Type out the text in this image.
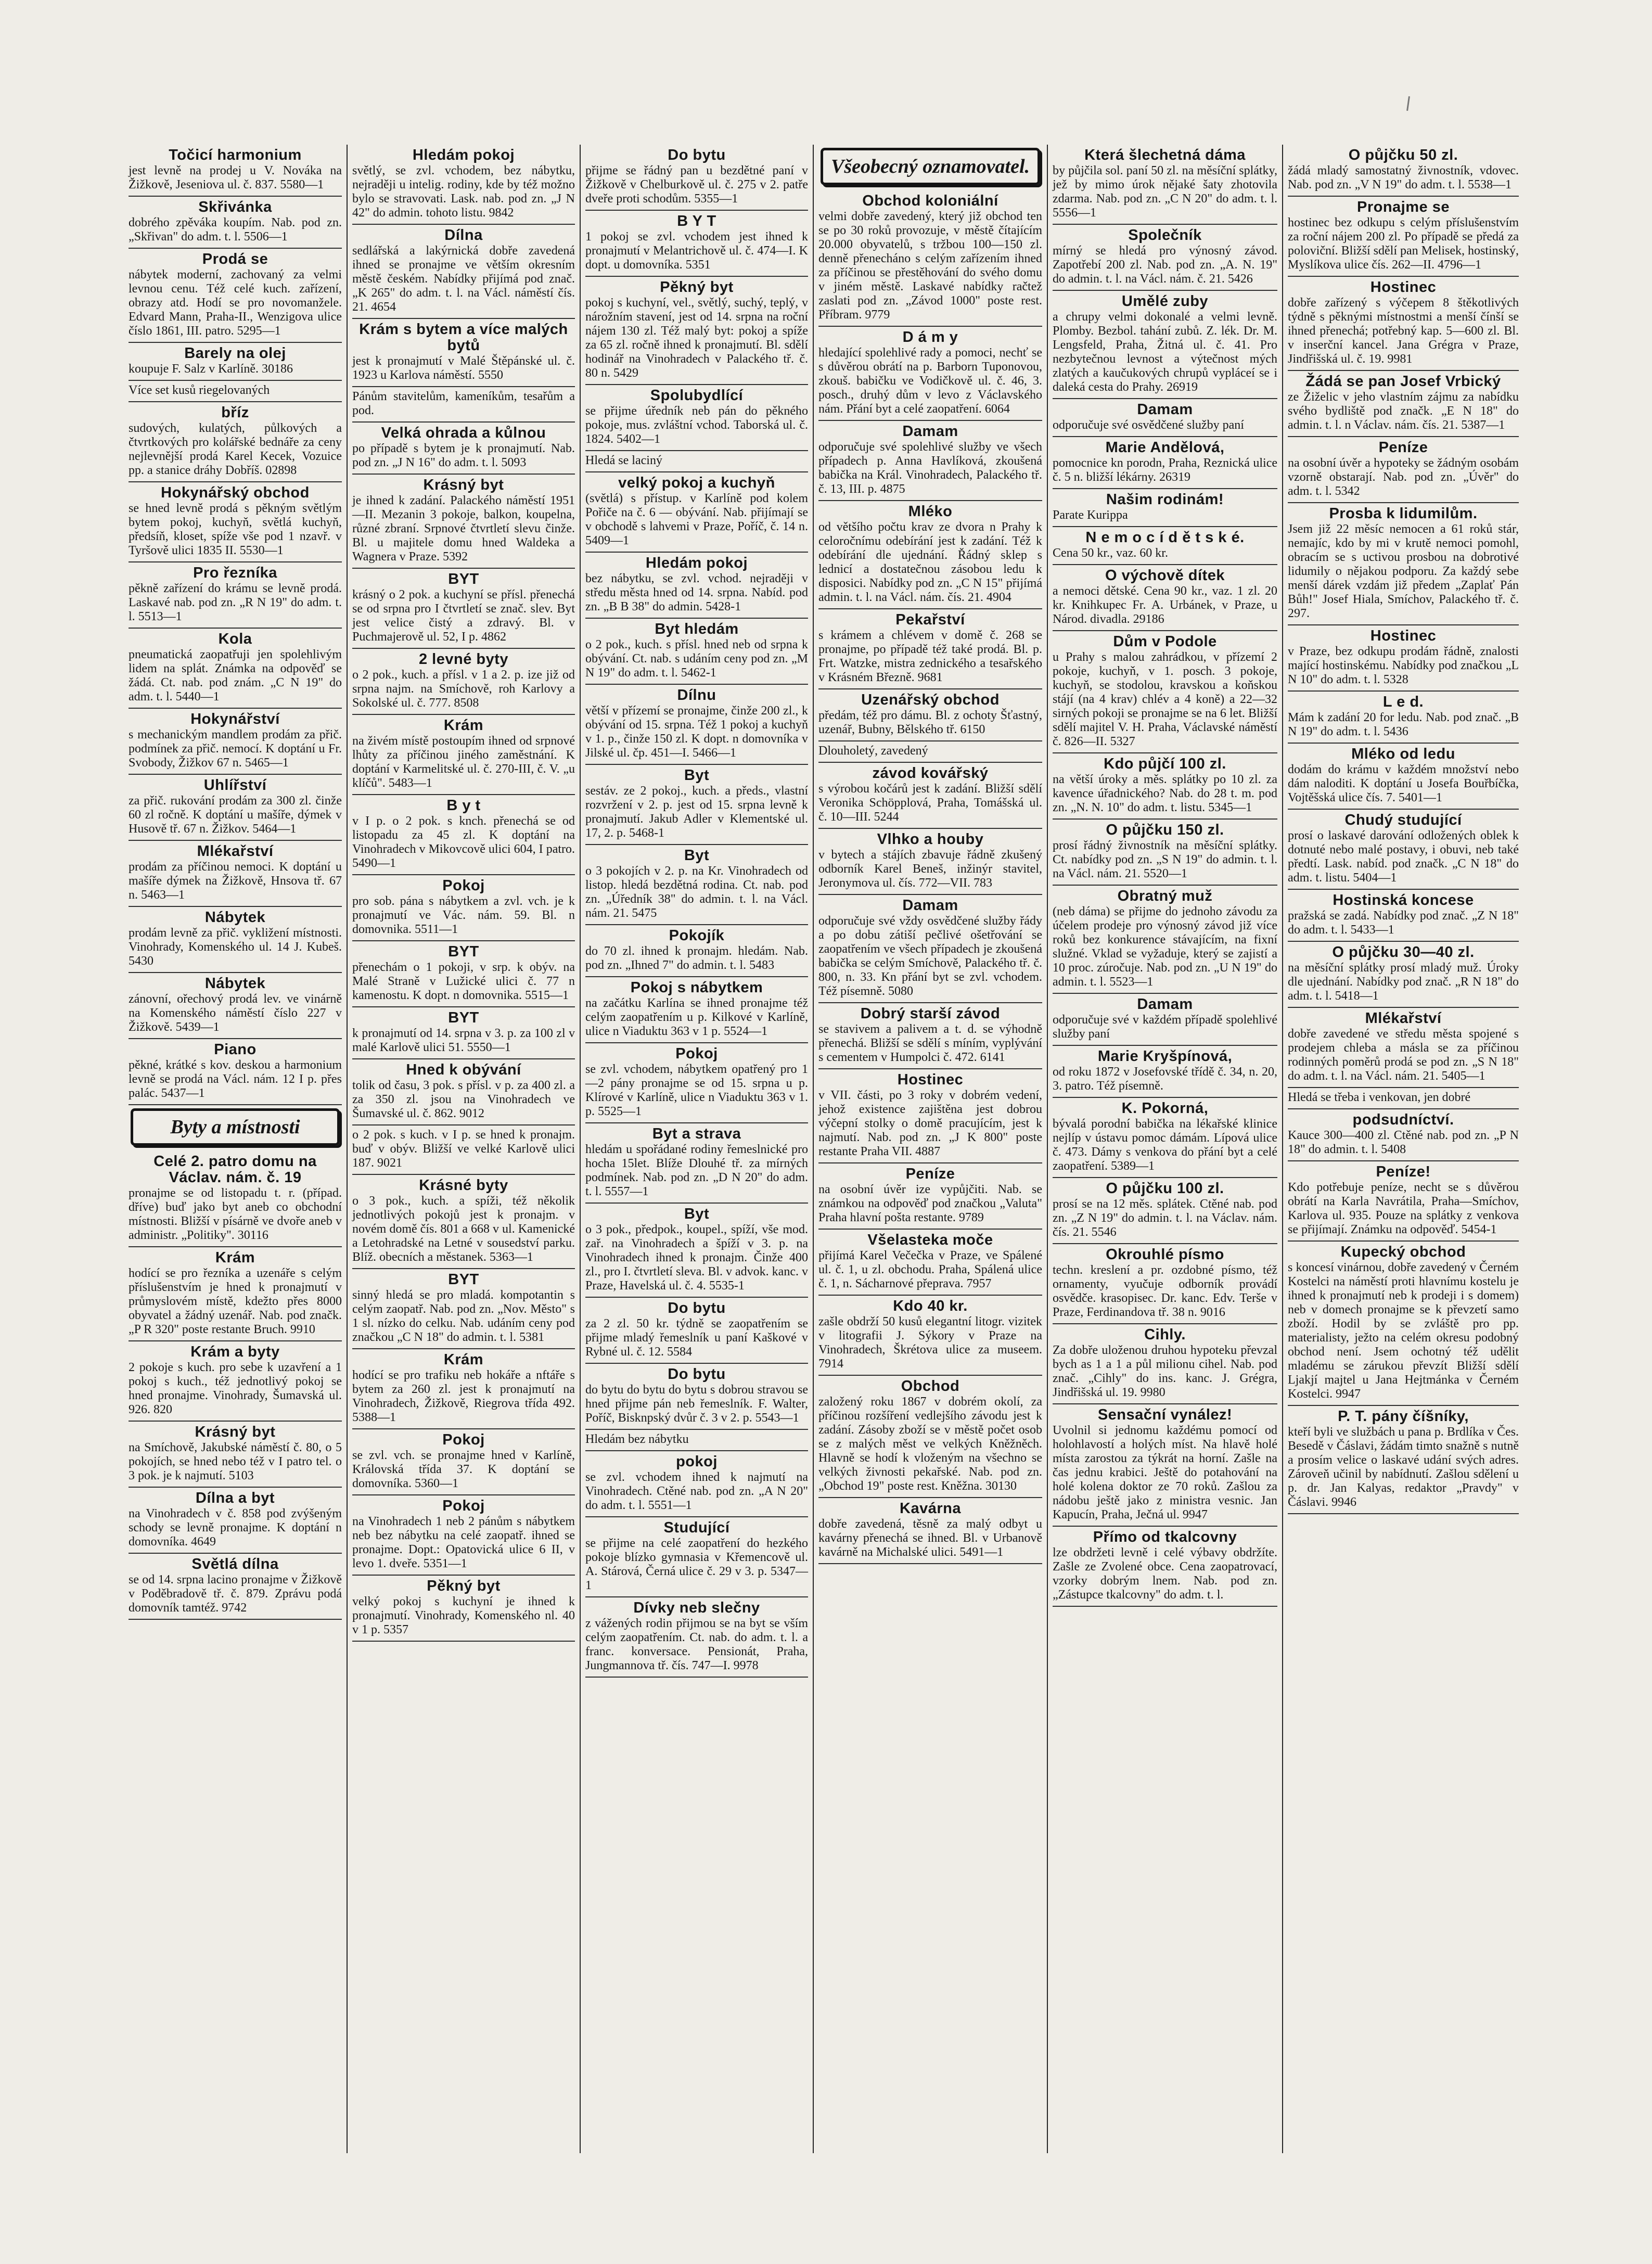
Točicí harmonium
jest levně na prodej u V. Nováka na Žižkově, Jeseniova ul. č. 837. 5580—1
Skřivánka
dobrého zpěváka koupím. Nab. pod zn. „Skřivan" do adm. t. l. 5506—1
Prodá se
nábytek moderní, zachovaný za velmi levnou cenu. Též celé kuch. zařízení, obrazy atd. Hodí se pro novomanžele. Edvard Mann, Praha-II., Wenzigova ulice číslo 1861, III. patro. 5295—1
Barely na olej
koupuje F. Salz v Karlíně. 30186
Více set kusů riegelovaných
bříz
sudových, kulatých, půlkových a čtvrtkových pro kolářské bednáře za ceny nejlevnější prodá Karel Kecek, Vozuice pp. a stanice dráhy Dobříš. 02898
Hokynářský obchod
se hned levně prodá s pěkným světlým bytem pokoj, kuchyň, světlá kuchyň, předsíň, kloset, spíže vše pod 1 nzavř. v Tyršově ulici 1835 II. 5530—1
Pro řezníka
pěkně zařízení do krámu se levně prodá. Laskavé nab. pod zn. „R N 19" do adm. t. l. 5513—1
Kola
pneumatická zaopatřuji jen spolehlivým lidem na splát. Známka na odpověď se žádá. Ct. nab. pod znám. „C N 19" do adm. t. l. 5440—1
Hokynářství
s mechanickým mandlem prodám za přič. podmínek za přič. nemocí. K doptání u Fr. Svobody, Žižkov 67 n. 5465—1
Uhlířství
za přič. rukování prodám za 300 zl. činže 60 zl ročně. K doptání u mašíře, dýmek v Husově tř. 67 n. Žižkov. 5464—1
Mlékařství
prodám za příčinou nemoci. K doptání u mašíře dýmek na Žižkově, Hnsova tř. 67 n. 5463—1
Nábytek
prodám levně za přič. vykližení místnosti. Vinohrady, Komenského ul. 14 J. Kubeš. 5430
Nábytek
zánovní, ořechový prodá lev. ve vinárně na Komenského náměstí číslo 227 v Žižkově. 5439—1
Piano
pěkné, krátké s kov. deskou a harmonium levně se prodá na Václ. nám. 12 I p. přes palác. 5437—1
Byty a místnosti
Celé 2. patro domu na Václav. nám. č. 19
pronajme se od listopadu t. r. (případ. dříve) buď jako byt aneb co obchodní místnosti. Bližší v písárně ve dvoře aneb v administr. „Politiky". 30116
Krám
hodící se pro řezníka a uzenáře s celým příslušenstvím je hned k pronajmutí v průmyslovém místě, kdežto přes 8000 obyvatel a žádný uzenář. Nab. pod značk. „P R 320" poste restante Bruch. 9910
Krám a byty
2 pokoje s kuch. pro sebe k uzavření a 1 pokoj s kuch., též jednotlivý pokoj se hned pronajme. Vinohrady, Šumavská ul. 926. 820
Krásný byt
na Smíchově, Jakubské náměstí č. 80, o 5 pokojích, se hned nebo též v I patro tel. o 3 pok. je k najmutí. 5103
Dílna a byt
na Vinohradech v č. 858 pod zvýšeným schody se levně pronajme. K doptání n domovníka. 4649
Světlá dílna
se od 14. srpna lacino pronajme v Žižkově v Poděbradově tř. č. 879. Zprávu podá domovník tamtéž. 9742
Hledám pokoj
světlý, se zvl. vchodem, bez nábytku, nejraději u intelig. rodiny, kde by též možno bylo se stravovati. Lask. nab. pod zn. „J N 42" do admin. tohoto listu. 9842
Dílna
sedlářská a lakýrnická dobře zavedená ihned se pronajme ve větším okresním městě českém. Nabídky přijímá pod znač. „K 265" do adm. t. l. na Václ. náměstí čís. 21. 4654
Krám s bytem a více malých bytů
jest k pronajmutí v Malé Štěpánské ul. č. 1923 u Karlova náměstí. 5550
Pánům stavitelům, kameníkům, tesařům a pod.
Velká ohrada a kůlnou
po případě s bytem je k pronajmutí. Nab. pod zn. „J N 16" do adm. t. l. 5093
Krásný byt
je ihned k zadání. Palackého náměstí 1951—II. Mezanin 3 pokoje, balkon, koupelna, různé zbraní. Srpnové čtvrtletí slevu činže. Bl. u majitele domu hned Waldeka a Wagnera v Praze. 5392
BYT
krásný o 2 pok. a kuchyní se přísl. přenechá se od srpna pro I čtvrtletí se znač. slev. Byt jest velice čistý a zdravý. Bl. v Puchmajerově ul. 52, I p. 4862
2 levné byty
o 2 pok., kuch. a přísl. v 1 a 2. p. ize již od srpna najm. na Smíchově, roh Karlovy a Sokolské ul. č. 777. 8508
Krám
na živém místě postoupím ihned od srpnové lhůty za příčinou jiného zaměstnání. K doptání v Karmelitské ul. č. 270-III, č. V. „u klíčů". 5483—1
B y t
v I p. o 2 pok. s knch. přenechá se od listopadu za 45 zl. K doptání na Vinohradech v Mikovcově ulici 604, I patro. 5490—1
Pokoj
pro sob. pána s nábytkem a zvl. vch. je k pronajmutí ve Vác. nám. 59. Bl. n domovnika. 5511—1
BYT
přenechám o 1 pokoji, v srp. k obýv. na Malé Straně v Lužické ulici č. 77 n kamenostu. K dopt. n domovnika. 5515—1
BYT
k pronajmutí od 14. srpna v 3. p. za 100 zl v malé Karlově ulici 51. 5550—1
Hned k obývání
tolik od času, 3 pok. s přísl. v p. za 400 zl. a za 350 zl. jsou na Vinohradech ve Šumavské ul. č. 862. 9012
o 2 pok. s kuch. v I p. se hned k pronajm. buď v obýv. Bližší ve velké Karlově ulici 187. 9021
Krásné byty
o 3 pok., kuch. a spíži, též několik jednotlivých pokojů jest k pronajm. v novém domě čís. 801 a 668 v ul. Kamenické a Letohradské na Letné v sousedství parku. Blíž. obecních a městanek. 5363—1
BYT
sinný hledá se pro mladá. kompotantin s celým zaopatř. Nab. pod zn. „Nov. Město" s 1 sl. nízko do celku. Nab. udáním ceny pod značkou „C N 18" do admin. t. l. 5381
Krám
hodící se pro trafiku neb hokáře a nftáře s bytem za 260 zl. jest k pronajmutí na Vinohradech, Žižkově, Riegrova třída 492. 5388—1
Pokoj
se zvl. vch. se pronajme hned v Karlíně, Královská třída 37. K doptání se domovníka. 5360—1
Pokoj
na Vinohradech 1 neb 2 pánům s nábytkem neb bez nábytku na celé zaopatř. ihned se pronajme. Dopt.: Opatovická ulice 6 II, v levo 1. dveře. 5351—1
Pěkný byt
velký pokoj s kuchyní je ihned k pronajmutí. Vinohrady, Komenského nl. 40 v 1 p. 5357
Do bytu
přijme se řádný pan u bezdětné paní v Žižkově v Chelburkově ul. č. 275 v 2. patře dveře proti schodům. 5355—1
B Y T
1 pokoj se zvl. vchodem jest ihned k pronajmutí v Melantrichově ul. č. 474—I. K dopt. u domovníka. 5351
Pěkný byt
pokoj s kuchyní, vel., světlý, suchý, teplý, v nárožním stavení, jest od 14. srpna na roční nájem 130 zl. Též malý byt: pokoj a spíže za 65 zl. ročně ihned k pronajmutí. Bl. sdělí hodinář na Vinohradech v Palackého tř. č. 80 n. 5429
Spolubydlící
se přijme úředník neb pán do pěkného pokoje, mus. zvláštní vchod. Taborská ul. č. 1824. 5402—1
Hledá se laciný
velký pokoj a kuchyň
(světlá) s přístup. v Karlíně pod kolem Pořiče na č. 6 — obývání. Nab. přijímají se v obchodě s lahvemi v Praze, Poříč, č. 14 n. 5409—1
Hledám pokoj
bez nábytku, se zvl. vchod. nejraději v středu města hned od 14. srpna. Nabíd. pod zn. „B B 38" do admin. 5428-1
Byt hledám
o 2 pok., kuch. s přísl. hned neb od srpna k obývání. Ct. nab. s udáním ceny pod zn. „M N 19" do adm. t. l. 5462-1
Dílnu
větší v přízemí se pronajme, činže 200 zl., k obývání od 15. srpna. Též 1 pokoj a kuchyň v 1. p., činže 150 zl. K dopt. n domovníka v Jilské ul. čp. 451—I. 5466—1
Byt
sestáv. ze 2 pokoj., kuch. a předs., vlastní rozvržení v 2. p. jest od 15. srpna levně k pronajmutí. Jakub Adler v Klementské ul. 17, 2. p. 5468-1
Byt
o 3 pokojích v 2. p. na Kr. Vinohradech od listop. hledá bezdětná rodina. Ct. nab. pod zn. „Úředník 38" do admin. t. l. na Václ. nám. 21. 5475
Pokojík
do 70 zl. ihned k pronajm. hledám. Nab. pod zn. „Ihned 7" do admin. t. l. 5483
Pokoj s nábytkem
na začátku Karlína se ihned pronajme též celým zaopatřením u p. Kilkové v Karlíně, ulice n Viaduktu 363 v 1 p. 5524—1
Pokoj
se zvl. vchodem, nábytkem opatřený pro 1—2 pány pronajme se od 15. srpna u p. Klírové v Karlíně, ulice n Viaduktu 363 v 1. p. 5525—1
Byt a strava
hledám u spořádané rodiny řemeslnické pro hocha 15let. Blíže Dlouhé tř. za mírných podmínek. Nab. pod zn. „D N 20" do adm. t. l. 5557—1
Byt
o 3 pok., předpok., koupel., spíží, vše mod. zař. na Vinohradech a špíží v 3. p. na Vinohradech ihned k pronajm. Činže 400 zl., pro I. čtvrtletí sleva. Bl. v advok. kanc. v Praze, Havelská ul. č. 4. 5535-1
Do bytu
za 2 zl. 50 kr. týdně se zaopatřením se přijme mladý řemeslník u paní Kaškové v Rybné ul. č. 12. 5584
Do bytu
do bytu do bytu do bytu s dobrou stravou se hned přijme pán neb řemeslník. F. Walter, Poříč, Bisknpský dvůr č. 3 v 2. p. 5543—1
Hledám bez nábytku
pokoj
se zvl. vchodem ihned k najmutí na Vinohradech. Ctěné nab. pod zn. „A N 20" do adm. t. l. 5551—1
Studující
se přijme na celé zaopatření do hezkého pokoje blízko gymnasia v Křemencově ul. A. Stárová, Černá ulice č. 29 v 3. p. 5347—1
Dívky neb slečny
z vážených rodin přijmou se na byt se vším celým zaopatřením. Ct. nab. do adm. t. l. a franc. konversace. Pensionát, Praha, Jungmannova tř. čís. 747—I. 9978
Všeobecný oznamovatel.
Obchod koloniální
velmi dobře zavedený, který již obchod ten se po 30 roků provozuje, v městě čítajícím 20.000 obyvatelů, s tržbou 100—150 zl. denně přenecháno s celým zařízením ihned za příčinou se přestěhování do svého domu v jiném městě. Laskavé nabídky račtež zaslati pod zn. „Závod 1000" poste rest. Příbram. 9779
D á m y
hledající spolehlivé rady a pomoci, nechť se s důvěrou obrátí na p. Barborn Tuponovou, zkouš. babičku ve Vodičkově ul. č. 46, 3. posch., druhý dům v levo z Václavského nám. Přání byt a celé zaopatření. 6064
Damam
odporučuje své spolehlivé služby ve všech případech p. Anna Havlíková, zkoušená babička na Král. Vinohradech, Palackého tř. č. 13, III. p. 4875
Mléko
od většího počtu krav ze dvora n Prahy k celoročnímu odebírání jest k zadání. Též k odebírání dle ujednání. Řádný sklep s lednicí a dostatečnou zásobou ledu k disposici. Nabídky pod zn. „C N 15" přijímá admin. t. l. na Václ. nám. čís. 21. 4904
Pekařství
s krámem a chlévem v domě č. 268 se pronajme, po případě též také prodá. Bl. p. Frt. Watzke, mistra zednického a tesařského v Krásném Březně. 9681
Uzenářský obchod
předám, též pro dámu. Bl. z ochoty Šťastný, uzenář, Bubny, Bělského tř. 6150
Dlouholetý, zavedený
závod kovářský
s výrobou kočárů jest k zadání. Bližší sdělí Veronika Schöpplová, Praha, Tomášská ul. č. 10—III. 5244
Vlhko a houby
v bytech a stájích zbavuje řádně zkušený odborník Karel Beneš, inžinýr stavitel, Jeronymova ul. čís. 772—VII. 783
Damam
odporučuje své vždy osvědčené služby řády a po dobu zátiší pečlivé ošetřování se zaopatřením ve všech případech je zkoušená babička se celým Smíchově, Palackého tř. č. 800, n. 33. Kn přání byt se zvl. vchodem. Též písemně. 5080
Dobrý starší závod
se stavivem a palivem a t. d. se výhodně přenechá. Bližší se sdělí s míním, vyplývání s cementem v Humpolci č. 472. 6141
Hostinec
v VII. části, po 3 roky v dobrém vedení, jehož existence zajištěna jest dobrou výčepní stolky o domě pracujícím, jest k najmutí. Nab. pod zn. „J K 800" poste restante Praha VII. 4887
Peníze
na osobní úvěr ize vypůjčiti. Nab. se známkou na odpověď pod značkou „Valuta" Praha hlavní pošta restante. 9789
Všelasteka moče
přijímá Karel Večečka v Praze, ve Spálené ul. č. 1, u zl. obchodu. Praha, Spálená ulice č. 1, n. Sácharnové přeprava. 7957
Kdo 40 kr.
zašle obdrží 50 kusů elegantní litogr. vizitek v litografii J. Sýkory v Praze na Vinohradech, Škrétova ulice za museem. 7914
Obchod
založený roku 1867 v dobrém okolí, za příčinou rozšíření vedlejšího závodu jest k zadání. Zásoby zboží se v městě počet osob se z malých měst ve velkých Kněžněch. Hlavně se hodí k vloženým na všechno se velkých živnosti pekařské. Nab. pod zn. „Obchod 19" poste rest. Kněžna. 30130
Kavárna
dobře zavedená, těsně za malý odbyt u kavárny přenechá se ihned. Bl. v Urbanově kavárně na Michalské ulici. 5491—1
Která šlechetná dáma
by půjčila sol. paní 50 zl. na měsíční splátky, jež by mimo úrok nějaké šaty zhotovila zdarma. Nab. pod zn. „C N 20" do adm. t. l. 5556—1
Společník
mírný se hledá pro výnosný závod. Zapotřebí 200 zl. Nab. pod zn. „A. N. 19" do admin. t. l. na Václ. nám. č. 21. 5426
Umělé zuby
a chrupy velmi dokonalé a velmi levně. Plomby. Bezbol. tahání zubů. Z. lék. Dr. M. Lengsfeld, Praha, Žitná ul. č. 41. Pro nezbytečnou levnost a výtečnost mých zlatých a kaučukových chrupů vypláceí se i daleká cesta do Prahy. 26919
Damam
odporučuje své osvědčené služby paní
Marie Andělová,
pomocnice kn porodn, Praha, Reznická ulice č. 5 n. bližší lékárny. 26319
Našim rodinám!
Parate Kurippa
N e m o c í d ě t s k é.
Cena 50 kr., vaz. 60 kr.
O výchově dítek
a nemoci dětské. Cena 90 kr., vaz. 1 zl. 20 kr. Knihkupec Fr. A. Urbánek, v Praze, u Národ. divadla. 29186
Dům v Podole
u Prahy s malou zahrádkou, v přízemí 2 pokoje, kuchyň, v 1. posch. 3 pokoje, kuchyň, se stodolou, kravskou a koňskou stájí (na 4 krav) chlév a 4 koně) a 22—32 sirných pokoji se pronajme se na 6 let. Bližší sdělí majitel V. H. Praha, Václavské náměstí č. 826—II. 5327
Kdo půjčí 100 zl.
na větší úroky a měs. splátky po 10 zl. za kavence úřadnického? Nab. do 28 t. m. pod zn. „N. N. 10" do adm. t. listu. 5345—1
O půjčku 150 zl.
prosí řádný živnostník na měsíční splátky. Ct. nabídky pod zn. „S N 19" do admin. t. l. na Václ. nám. 21. 5520—1
Obratný muž
(neb dáma) se přijme do jednoho závodu za účelem prodeje pro výnosný závod již více roků bez konkurence stávajícím, na fixní služné. Vklad se vyžaduje, který se zajistí a 10 proc. zúročuje. Nab. pod zn. „U N 19" do admin. t. l. 5523—1
Damam
odporučuje své v každém případě spolehlivé služby paní
Marie Kryšpínová,
od roku 1872 v Josefovské třídě č. 34, n. 20, 3. patro. Též písemně.
K. Pokorná,
bývalá porodní babička na lékařské klinice nejlíp v ústavu pomoc dámám. Lípová ulice č. 473. Dámy s venkova do přání byt a celé zaopatření. 5389—1
O půjčku 100 zl.
prosí se na 12 měs. splátek. Ctěné nab. pod zn. „Z N 19" do admin. t. l. na Václav. nám. čís. 21. 5546
Okrouhlé písmo
techn. kreslení a pr. ozdobné písmo, též ornamenty, vyučuje odborník provádí osvědče. krasopisec. Dr. kanc. Edv. Terše v Praze, Ferdinandova tř. 38 n. 9016
Cihly.
Za dobře uloženou druhou hypoteku převzal bych as 1 a 1 a půl milionu cihel. Nab. pod znač. „Cihly" do ins. kanc. J. Grégra, Jindřišská ul. 19. 9980
Sensační vynález!
Uvolnil si jednomu každému pomocí od holohlavostí a holých míst. Na hlavě holé místa zarostou za týkrát na horní. Zašle na čas jednu krabici. Ještě do potahování na holé kolena doktor ze 70 roků. Zašlou za nádobu ještě jako z ministra vesnic. Jan Kapucín, Praha, Ječná ul. 9947
Přímo od tkalcovny
lze obdržeti levně i celé výbavy obdržíte. Zašle ze Zvolené obce. Cena zaopatrovací, vzorky dobrým lnem. Nab. pod zn. „Zástupce tkalcovny" do adm. t. l.
O půjčku 50 zl.
žádá mladý samostatný živnostník, vdovec. Nab. pod zn. „V N 19" do adm. t. l. 5538—1
Pronajme se
hostinec bez odkupu s celým příslušenstvím za roční nájem 200 zl. Po případě se předá za poloviční. Bližší sdělí pan Melisek, hostinský, Myslíkova ulice čís. 262—II. 4796—1
Hostinec
dobře zařízený s výčepem 8 štěkotlivých týdně s pěknými místnostmi a menší čínší se ihned přenechá; potřebný kap. 5—600 zl. Bl. v inserční kancel. Jana Grégra v Praze, Jindřišská ul. č. 19. 9981
Žádá se pan Josef Vrbický
ze Žiželic v jeho vlastním zájmu za nabídku svého bydliště pod značk. „E N 18" do admin. t. l. n Václav. nám. čís. 21. 5387—1
Peníze
na osobní úvěr a hypoteky se žádným osobám vzorně obstarají. Nab. pod zn. „Úvěr" do adm. t. l. 5342
Prosba k lidumilům.
Jsem již 22 měsíc nemocen a 61 roků stár, nemajíc, kdo by mi v krutě nemoci pomohl, obracím se s uctivou prosbou na dobrotivé lidumily o nějakou podporu. Za každý sebe menší dárek vzdám již předem „Zaplať Pán Bůh!" Josef Hiala, Smíchov, Palackého tř. č. 297.
Hostinec
v Praze, bez odkupu prodám řádně, znalosti mající hostinskému. Nabídky pod značkou „L N 10" do adm. t. l. 5328
L e d.
Mám k zadání 20 for ledu. Nab. pod znač. „B N 19" do adm. t. l. 5436
Mléko od ledu
dodám do krámu v každém množství nebo dám naloditi. K doptání u Josefa Bouřbíčka, Vojtěšská ulice čís. 7. 5401—1
Chudý studující
prosí o laskavé darování odložených oblek k dotnuté nebo malé postavy, i obuvi, neb také předtí. Lask. nabíd. pod značk. „C N 18" do adm. t. listu. 5404—1
Hostinská koncese
pražská se zadá. Nabídky pod znač. „Z N 18" do adm. t. l. 5433—1
O půjčku 30—40 zl.
na měsíční splátky prosí mladý muž. Úroky dle ujednání. Nabídky pod znač. „R N 18" do adm. t. l. 5418—1
Mlékařství
dobře zavedené ve středu města spojené s prodejem chleba a másla se za příčinou rodinných poměrů prodá se pod zn. „S N 18" do adm. t. l. na Václ. nám. 21. 5405—1
Hledá se třeba i venkovan, jen dobré
podsudníctví.
Kauce 300—400 zl. Ctěné nab. pod zn. „P N 18" do admin. t. l. 5408
Peníze!
Kdo potřebuje peníze, necht se s důvěrou obrátí na Karla Navrátila, Praha—Smíchov, Karlova ul. 935. Pouze na splátky z venkova se přijímají. Známku na odpověď. 5454-1
Kupecký obchod
s koncesí vinárnou, dobře zavedený v Černém Kostelci na náměstí proti hlavnímu kostelu je ihned k pronajmutí neb k prodeji i s domem) neb v domech pronajme se k převzetí samo zboží. Hodil by se zvláště pro pp. materialisty, ježto na celém okresu podobný obchod není. Jsem ochotný též udělit mladému se zárukou převzít Bližší sdělí Ljakjí majtel u Jana Hejtmánka v Černém Kostelci. 9947
P. T. pány číšníky,
kteří byli ve službách u pana p. Brdlíka v Čes. Besedě v Čáslavi, žádám timto snažně s nutně a prosím velice o laskavé udání svých adres. Zároveň učinil by nabídnutí. Zašlou sdělení u p. dr. Jan Kalyas, redaktor „Pravdy" v Čáslavi. 9946
